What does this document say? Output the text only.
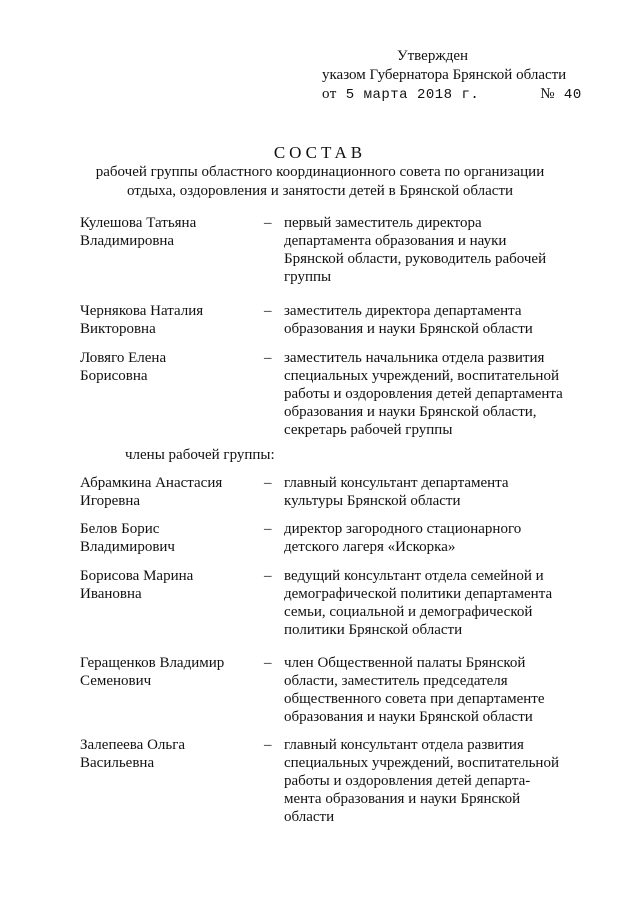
Утвержден
указом Губернатора Брянской области
от 5 марта 2018 г.	№ 40
СОСТАВ
рабочей группы областного координационного совета по организации отдыха, оздоровления и занятости детей в Брянской области
Кулешова Татьяна
Владимировна
– первый заместитель директора
департамента образования и науки
Брянской области, руководитель рабочей
группы
Чернякова Наталия
Викторовна
– заместитель директора департамента
образования и науки Брянской области
Ловяго Елена
Борисовна
– заместитель начальника отдела развития
специальных учреждений, воспитательной
работы и оздоровления детей департамента
образования и науки Брянской области,
секретарь рабочей группы
члены рабочей группы:
Абрамкина Анастасия
Игоревна
– главный консультант департамента
культуры Брянской области
Белов Борис
Владимирович
– директор загородного стационарного
детского лагеря «Искорка»
Борисова Марина
Ивановна
– ведущий консультант отдела семейной и
демографической политики департамента
семьи, социальной и демографической
политики Брянской области
Геращенков Владимир
Семенович
– член Общественной палаты Брянской
области, заместитель председателя
общественного совета при департаменте
образования и науки Брянской области
Залепеева Ольга
Васильевна
– главный консультант отдела развития
специальных учреждений, воспитательной
работы и оздоровления детей департа-
мента образования и науки Брянской
области
